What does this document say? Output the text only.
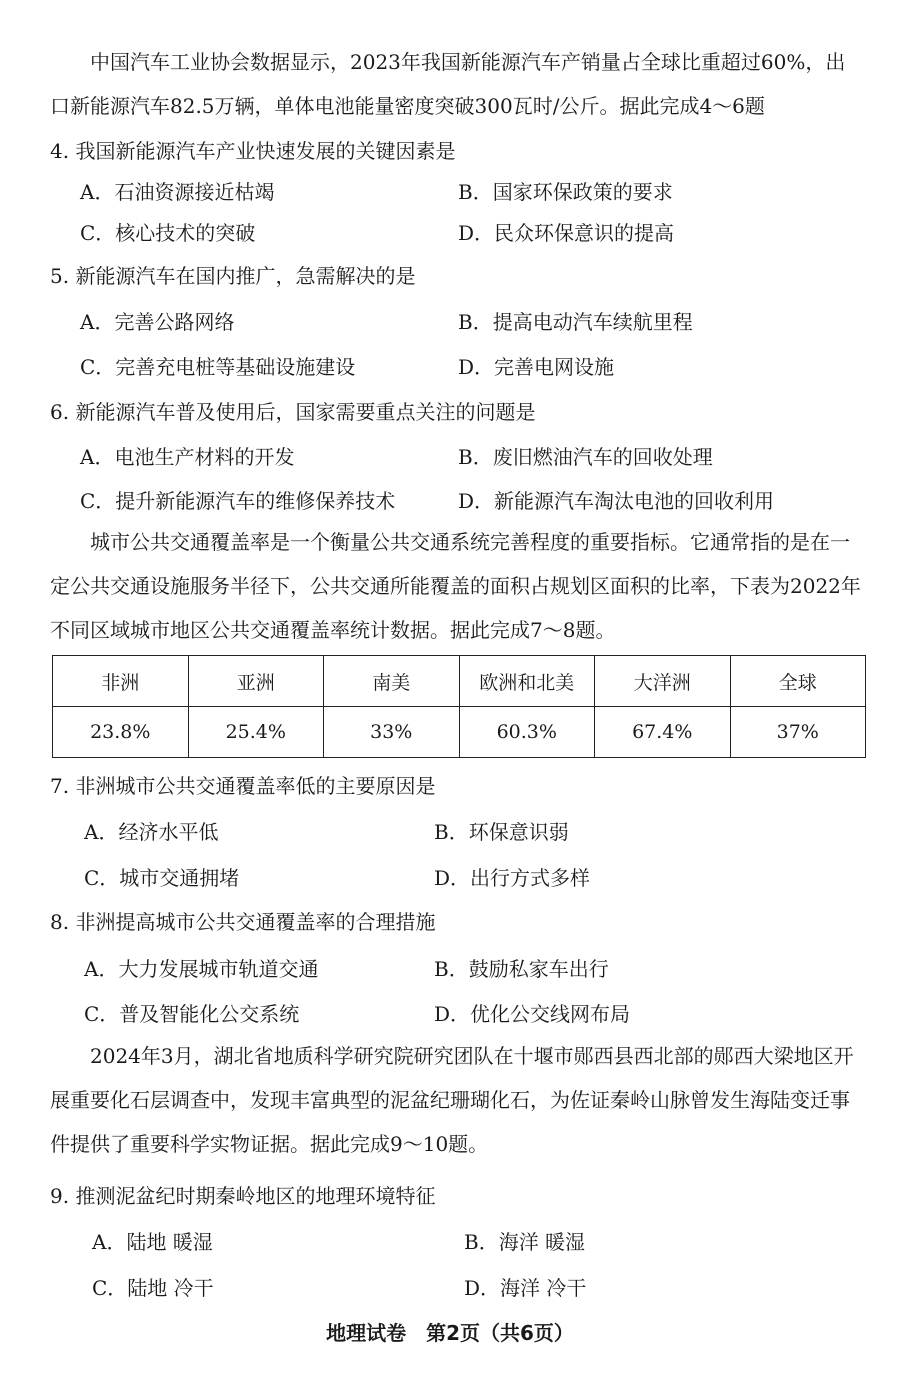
中国汽车工业协会数据显示，2023年我国新能源汽车产销量占全球比重超过60%，出口新能源汽车82.5万辆，单体电池能量密度突破300瓦时/公斤。据此完成4～6题

4. 我国新能源汽车产业快速发展的关键因素是

A．石油资源接近枯竭	B．国家环保政策的要求

C．核心技术的突破	D．民众环保意识的提高

5. 新能源汽车在国内推广，急需解决的是

A．完善公路网络	B．提高电动汽车续航里程

C．完善充电桩等基础设施建设	D．完善电网设施

6. 新能源汽车普及使用后，国家需要重点关注的问题是

A．电池生产材料的开发	B．废旧燃油汽车的回收处理

C．提升新能源汽车的维修保养技术	D．新能源汽车淘汰电池的回收利用

城市公共交通覆盖率是一个衡量公共交通系统完善程度的重要指标。它通常指的是在一定公共交通设施服务半径下，公共交通所能覆盖的面积占规划区面积的比率，下表为2022年不同区域城市地区公共交通覆盖率统计数据。据此完成7～8题。

非洲	亚洲	南美	欧洲和北美	大洋洲	全球
23.8%	25.4%	33%	60.3%	67.4%	37%

7. 非洲城市公共交通覆盖率低的主要原因是

A．经济水平低	B．环保意识弱

C．城市交通拥堵	D．出行方式多样

8. 非洲提高城市公共交通覆盖率的合理措施

A．大力发展城市轨道交通	B．鼓励私家车出行

C．普及智能化公交系统	D．优化公交线网布局

2024年3月，湖北省地质科学研究院研究团队在十堰市郧西县西北部的郧西大梁地区开展重要化石层调查中，发现丰富典型的泥盆纪珊瑚化石，为佐证秦岭山脉曾发生海陆变迁事件提供了重要科学实物证据。据此完成9～10题。

9. 推测泥盆纪时期秦岭地区的地理环境特征

A．陆地 暖湿	B．海洋 暖湿

C．陆地 冷干	D．海洋 冷干

地理试卷　第2页（共6页）
